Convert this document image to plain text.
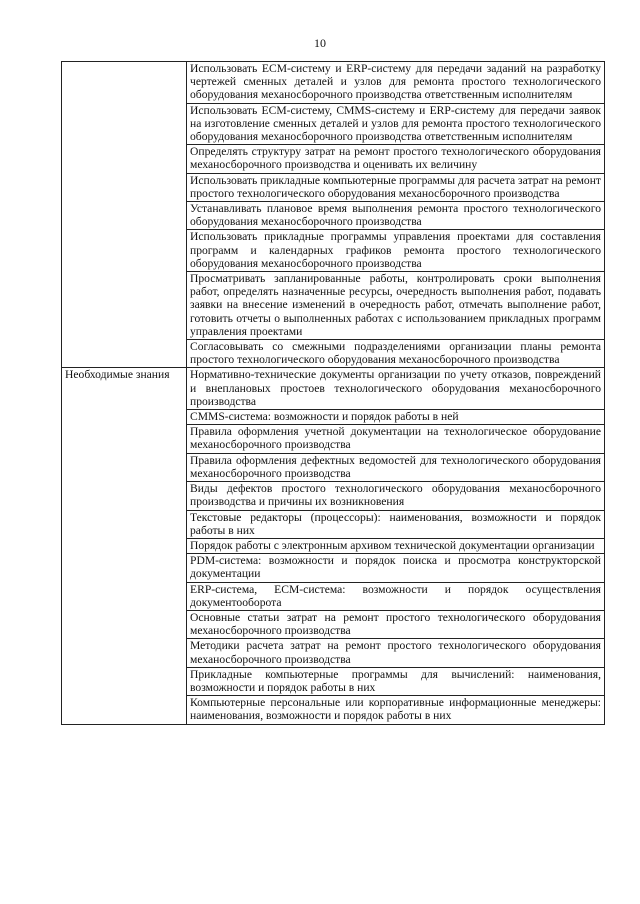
10
	Использовать ECM-систему и ERP-систему для передачи заданий на разработку чертежей сменных деталей и узлов для ремонта простого технологического оборудования механосборочного производства ответственным исполнителям
	Использовать ECM-систему, CMMS-систему и ERP-систему для передачи заявок на изготовление сменных деталей и узлов для ремонта простого технологического оборудования механосборочного производства ответственным исполнителям
	Определять структуру затрат на ремонт простого технологического оборудования механосборочного производства и оценивать их величину
	Использовать прикладные компьютерные программы для расчета затрат на ремонт простого технологического оборудования механосборочного производства
	Устанавливать плановое время выполнения ремонта простого технологического оборудования механосборочного производства
	Использовать прикладные программы управления проектами для составления программ и календарных графиков ремонта простого технологического оборудования механосборочного производства
	Просматривать запланированные работы, контролировать сроки выполнения работ, определять назначенные ресурсы, очередность выполнения работ, подавать заявки на внесение изменений в очередность работ, отмечать выполнение работ, готовить отчеты о выполненных работах с использованием прикладных программ управления проектами
	Согласовывать со смежными подразделениями организации планы ремонта простого технологического оборудования механосборочного производства
Необходимые знания	Нормативно-технические документы организации по учету отказов, повреждений и внеплановых простоев технологического оборудования механосборочного производства
	CMMS-система: возможности и порядок работы в ней
	Правила оформления учетной документации на технологическое оборудование механосборочного производства
	Правила оформления дефектных ведомостей для технологического оборудования механосборочного производства
	Виды дефектов простого технологического оборудования механосборочного производства и причины их возникновения
	Текстовые редакторы (процессоры): наименования, возможности и порядок работы в них
	Порядок работы с электронным архивом технической документации организации
	PDM-система: возможности и порядок поиска и просмотра конструкторской документации
	ERP-система, ECM-система: возможности и порядок осуществления документооборота
	Основные статьи затрат на ремонт простого технологического оборудования механосборочного производства
	Методики расчета затрат на ремонт простого технологического оборудования механосборочного производства
	Прикладные компьютерные программы для вычислений: наименования, возможности и порядок работы в них
	Компьютерные персональные или корпоративные информационные менеджеры: наименования, возможности и порядок работы в них
